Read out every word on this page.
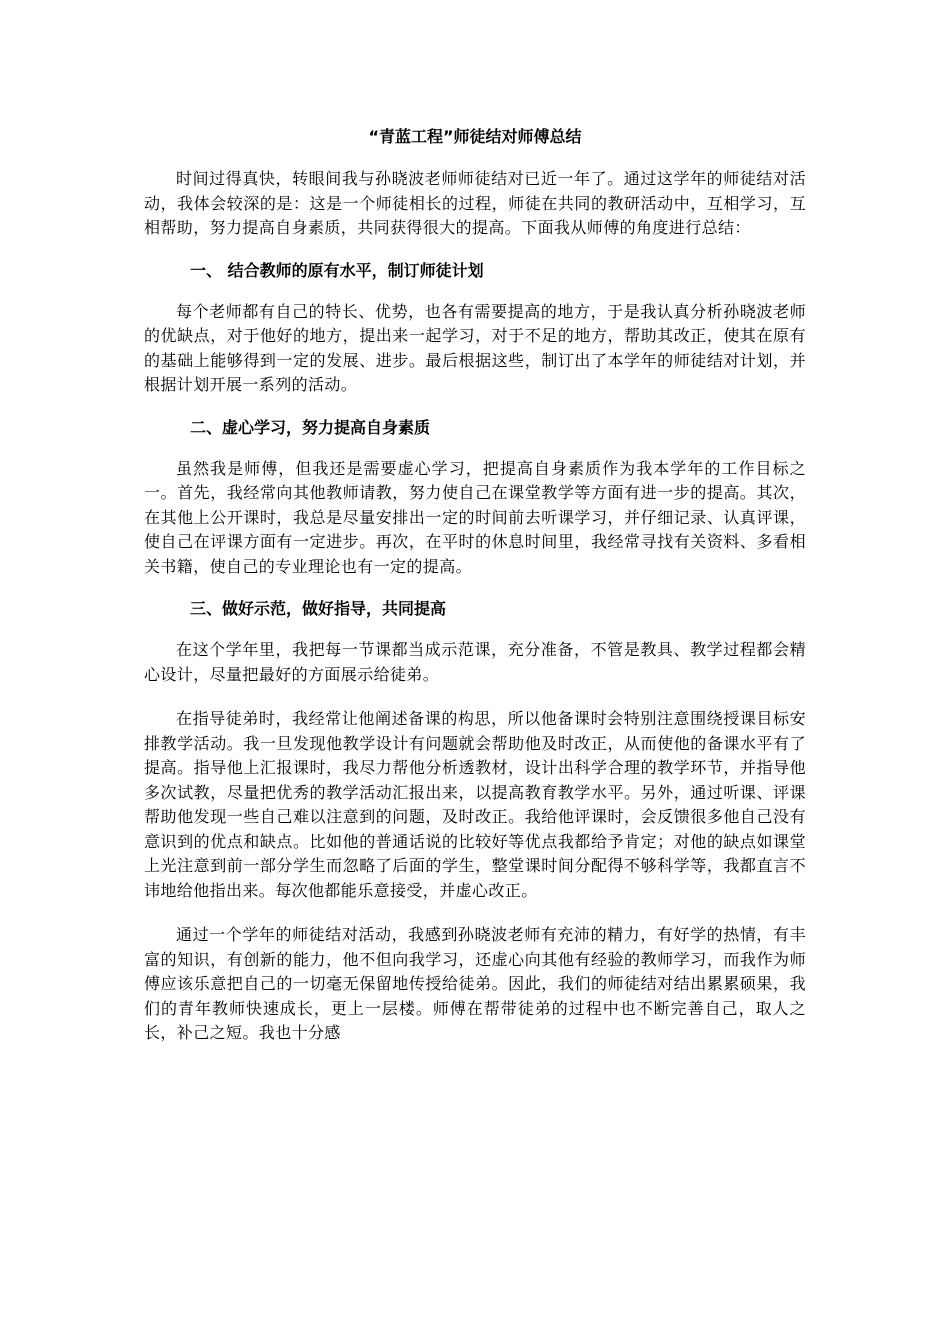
“青蓝工程”师徒结对师傅总结

时间过得真快，转眼间我与孙晓波老师师徒结对已近一年了。通过这学年的师徒结对活动，我体会较深的是：这是一个师徒相长的过程，师徒在共同的教研活动中，互相学习，互相帮助，努力提高自身素质，共同获得很大的提高。下面我从师傅的角度进行总结：

一、 结合教师的原有水平，制订师徒计划

每个老师都有自己的特长、优势，也各有需要提高的地方，于是我认真分析孙晓波老师的优缺点，对于他好的地方，提出来一起学习，对于不足的地方，帮助其改正，使其在原有的基础上能够得到一定的发展、进步。最后根据这些，制订出了本学年的师徒结对计划，并根据计划开展一系列的活动。

二、虚心学习，努力提高自身素质

虽然我是师傅，但我还是需要虚心学习，把提高自身素质作为我本学年的工作目标之一。首先，我经常向其他教师请教，努力使自己在课堂教学等方面有进一步的提高。其次，在其他上公开课时，我总是尽量安排出一定的时间前去听课学习，并仔细记录、认真评课，使自己在评课方面有一定进步。再次，在平时的休息时间里，我经常寻找有关资料、多看相关书籍，使自己的专业理论也有一定的提高。

三、做好示范，做好指导，共同提高

在这个学年里，我把每一节课都当成示范课，充分准备，不管是教具、教学过程都会精心设计，尽量把最好的方面展示给徒弟。

在指导徒弟时，我经常让他阐述备课的构思，所以他备课时会特别注意围绕授课目标安排教学活动。我一旦发现他教学设计有问题就会帮助他及时改正，从而使他的备课水平有了提高。指导他上汇报课时，我尽力帮他分析透教材，设计出科学合理的教学环节，并指导他多次试教，尽量把优秀的教学活动汇报出来，以提高教育教学水平。另外，通过听课、评课帮助他发现一些自己难以注意到的问题，及时改正。我给他评课时，会反馈很多他自己没有意识到的优点和缺点。比如他的普通话说的比较好等优点我都给予肯定；对他的缺点如课堂上光注意到前一部分学生而忽略了后面的学生，整堂课时间分配得不够科学等，我都直言不讳地给他指出来。每次他都能乐意接受，并虚心改正。

通过一个学年的师徒结对活动，我感到孙晓波老师有充沛的精力，有好学的热情，有丰富的知识，有创新的能力，他不但向我学习，还虚心向其他有经验的教师学习，而我作为师傅应该乐意把自己的一切毫无保留地传授给徒弟。因此，我们的师徒结对结出累累硕果，我们的青年教师快速成长，更上一层楼。师傅在帮带徒弟的过程中也不断完善自己，取人之长，补己之短。我也十分感
